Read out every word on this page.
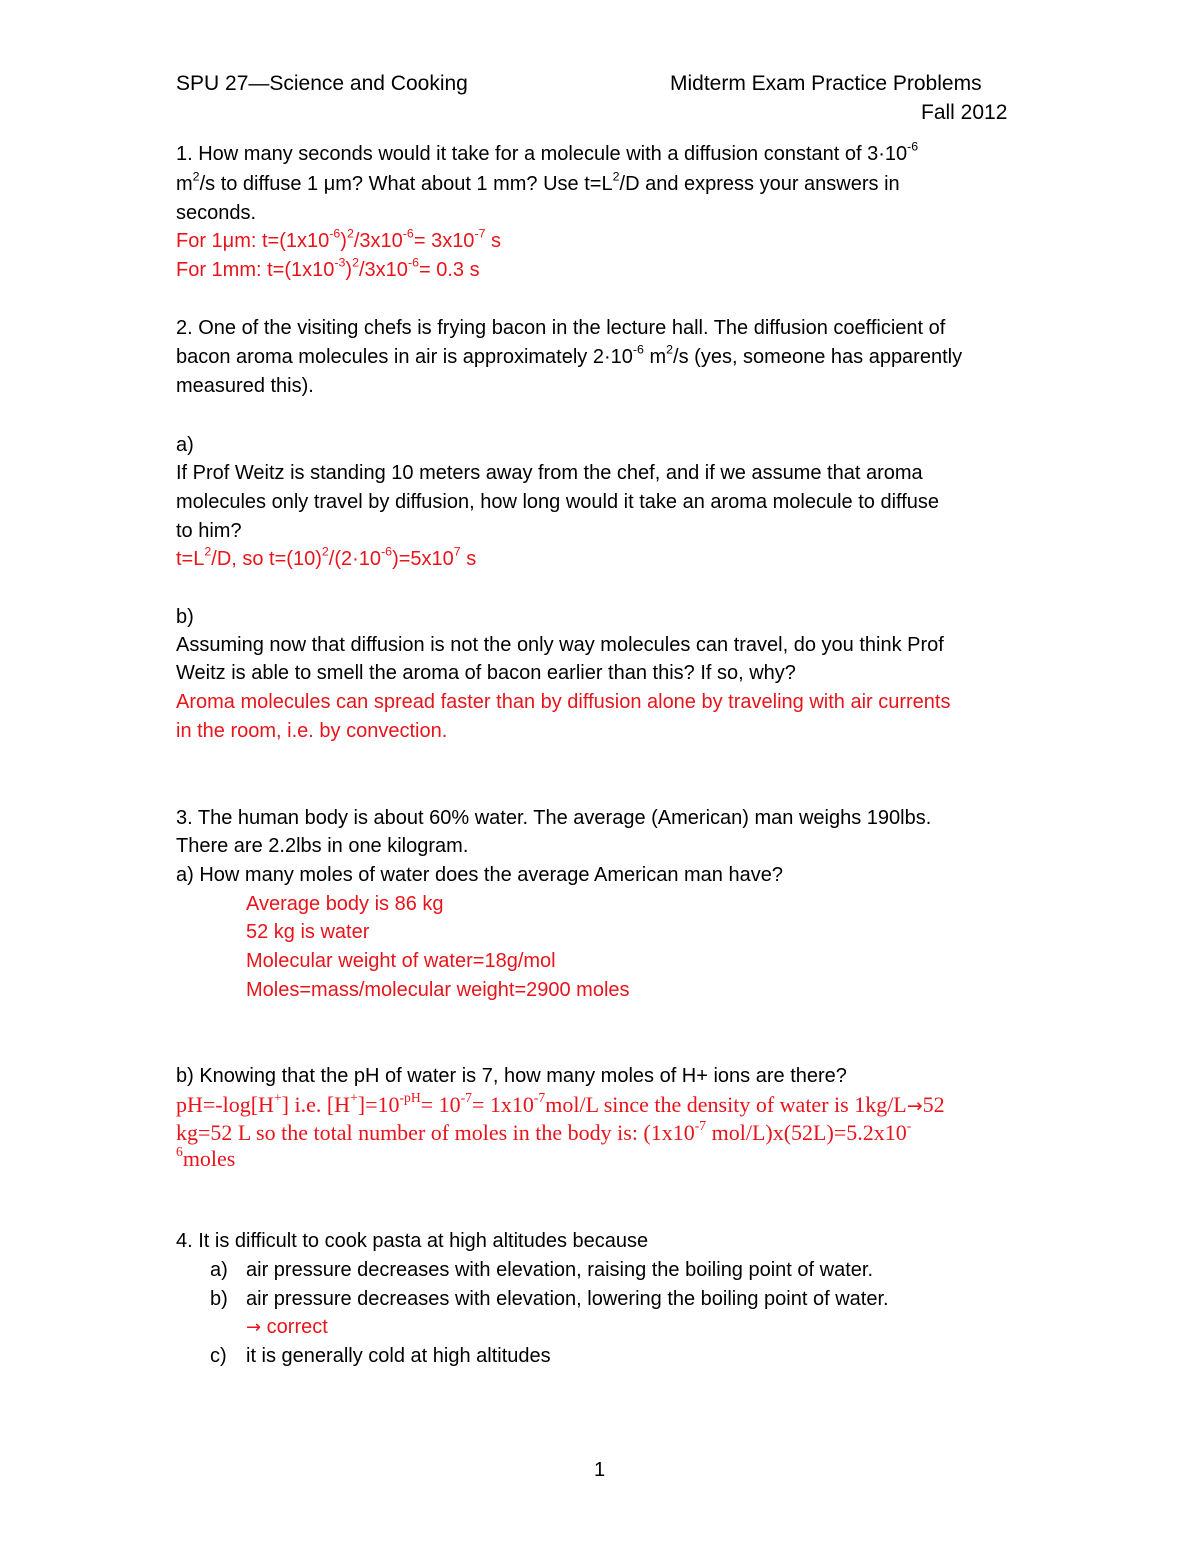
SPU 27—Science and Cooking	Midterm Exam Practice Problems
Fall 2012
1. How many seconds would it take for a molecule with a diffusion constant of $3\cdot 10^{-6}$
$m^2/s$ to diffuse 1 μm? What about 1 mm? Use $t=L^2/D$ and express your answers in
seconds.
For 1μm: $t=(1x10^{-6})^2/3x10^{-6}= 3x10^{-7}$ s
For 1mm: $t=(1x10^{-3})^2/3x10^{-6}= 0.3$ s
2. One of the visiting chefs is frying bacon in the lecture hall. The diffusion coefficient of
bacon aroma molecules in air is approximately $2\cdot 10^{-6}$ $m^2/s$ (yes, someone has apparently
measured this).
a)
If Prof Weitz is standing 10 meters away from the chef, and if we assume that aroma
molecules only travel by diffusion, how long would it take an aroma molecule to diffuse
to him?
$t=L^2/D$, so $t=(10)^2/(2\cdot 10^{-6})=5x10^7$ s
b)
Assuming now that diffusion is not the only way molecules can travel, do you think Prof
Weitz is able to smell the aroma of bacon earlier than this? If so, why?
Aroma molecules can spread faster than by diffusion alone by traveling with air currents
in the room, i.e. by convection.
3. The human body is about 60% water. The average (American) man weighs 190lbs.
There are 2.2lbs in one kilogram.
a) How many moles of water does the average American man have?
Average body is 86 kg
52 kg is water
Molecular weight of water=18g/mol
Moles=mass/molecular weight=2900 moles
b) Knowing that the pH of water is 7, how many moles of H+ ions are there?
pH=-log[H+] i.e. $[H^+]=10^{-pH}= 10^{-7}= 1x10^{-7}mol/L$ since the density of water is 1kg/L→52
kg=52 L so the total number of moles in the body is: ($1x10^{-7}$ mol/L)x(52L)=5.2x10-
$^6$moles
4. It is difficult to cook pasta at high altitudes because
a) air pressure decreases with elevation, raising the boiling point of water.
b) air pressure decreases with elevation, lowering the boiling point of water.
→ correct
c) it is generally cold at high altitudes
1
